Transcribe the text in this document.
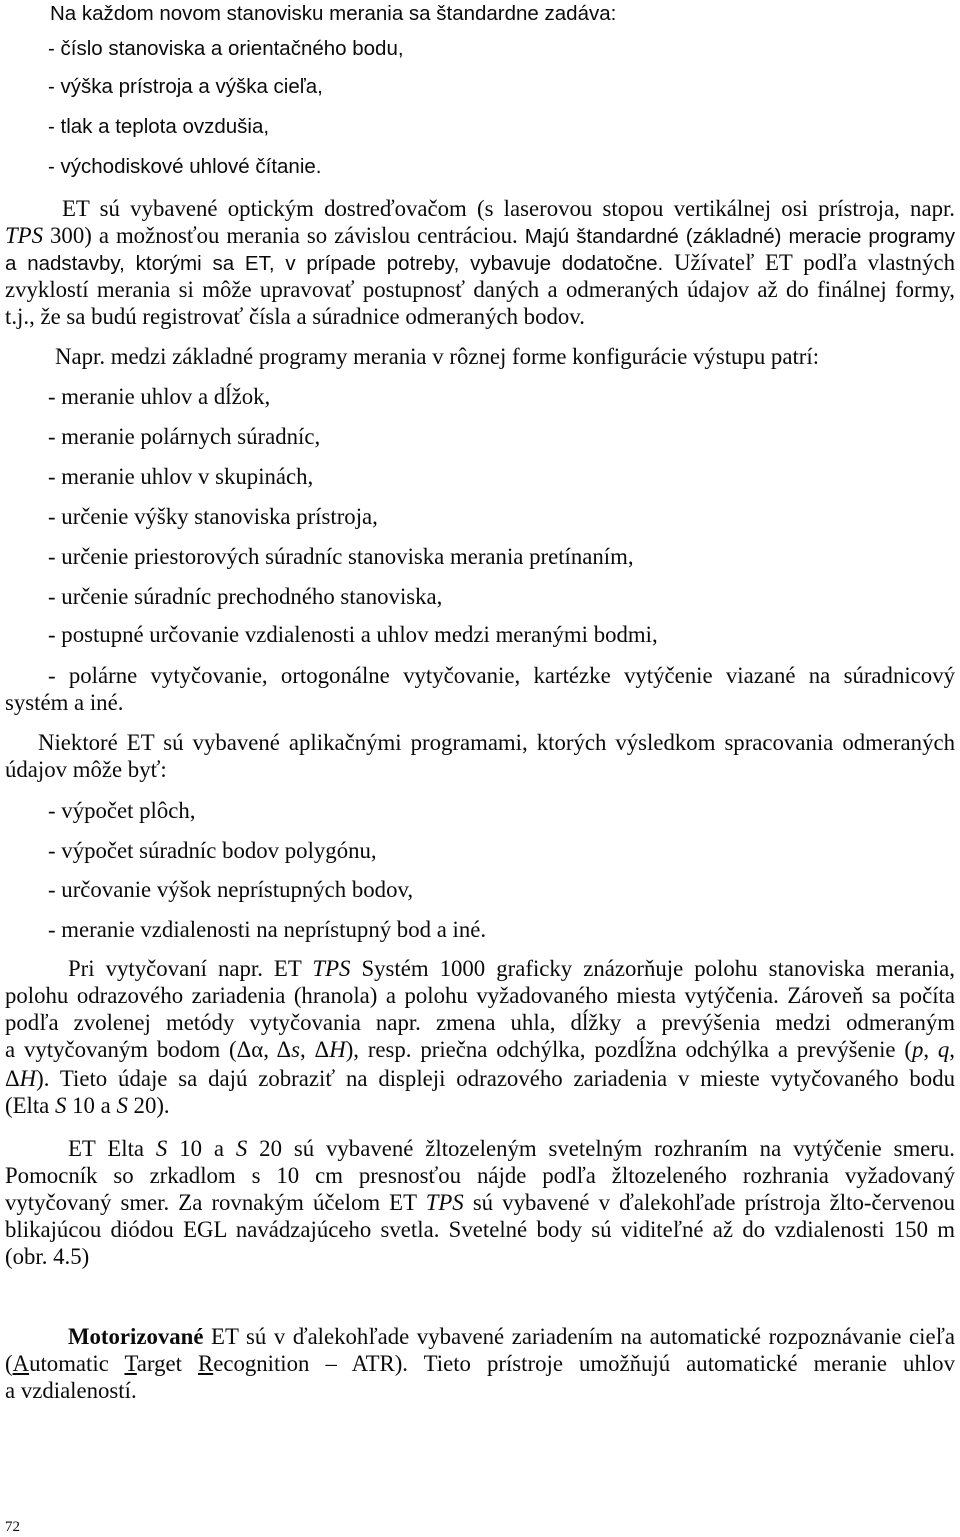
Na každom novom stanovisku merania sa štandardne zadáva:
- číslo stanoviska a orientačného bodu,
- výška prístroja a výška cieľa,
- tlak a teplota ovzdušia,
- východiskové uhlové čítanie.
ET sú vybavené optickým dostreďovačom (s laserovou stopou vertikálnej osi prístroja, napr.
TPS 300) a možnosťou merania so závislou centráciou. Majú štandardné (základné) meracie programy
a nadstavby, ktorými sa ET, v prípade potreby, vybavuje dodatočne. Užívateľ ET podľa vlastných
zvyklostí merania si môže upravovať postupnosť daných a odmeraných údajov až do finálnej formy,
t.j., že sa budú registrovať čísla a súradnice odmeraných bodov.
Napr. medzi základné programy merania v rôznej forme konfigurácie výstupu patrí:
- meranie uhlov a dĺžok,
- meranie polárnych súradníc,
- meranie uhlov v skupinách,
- určenie výšky stanoviska prístroja,
- určenie priestorových súradníc stanoviska merania pretínaním,
- určenie súradníc prechodného stanoviska,
- postupné určovanie vzdialenosti a uhlov medzi meranými bodmi,
- polárne vytyčovanie, ortogonálne vytyčovanie, kartézke vytýčenie viazané na súradnicový
systém a iné.
Niektoré ET sú vybavené aplikačnými programami, ktorých výsledkom spracovania odmeraných
údajov môže byť:
- výpočet plôch,
- výpočet súradníc bodov polygónu,
- určovanie výšok neprístupných bodov,
- meranie vzdialenosti na neprístupný bod a iné.
Pri vytyčovaní napr. ET TPS Systém 1000 graficky znázorňuje polohu stanoviska merania,
polohu odrazového zariadenia (hranola) a polohu vyžadovaného miesta vytýčenia. Zároveň sa počíta
podľa zvolenej metódy vytyčovania napr. zmena uhla, dĺžky a prevýšenia medzi odmeraným
a vytyčovaným bodom (Δα, Δs, ΔH), resp. priečna odchýlka, pozdĺžna odchýlka a prevýšenie (p, q,
ΔH). Tieto údaje sa dajú zobraziť na displeji odrazového zariadenia v mieste vytyčovaného bodu
(Elta S 10 a S 20).
ET Elta S 10 a S 20 sú vybavené žltozeleným svetelným rozhraním na vytýčenie smeru.
Pomocník so zrkadlom s 10 cm presnosťou nájde podľa žltozeleného rozhrania vyžadovaný
vytyčovaný smer. Za rovnakým účelom ET TPS sú vybavené v ďalekohľade prístroja žlto-červenou
blikajúcou diódou EGL navádzajúceho svetla. Svetelné body sú viditeľné až do vzdialenosti 150 m
(obr. 4.5)
Motorizované ET sú v ďalekohľade vybavené zariadením na automatické rozpoznávanie cieľa
(Automatic Target Recognition – ATR). Tieto prístroje umožňujú automatické meranie uhlov
a vzdialeností.
72
